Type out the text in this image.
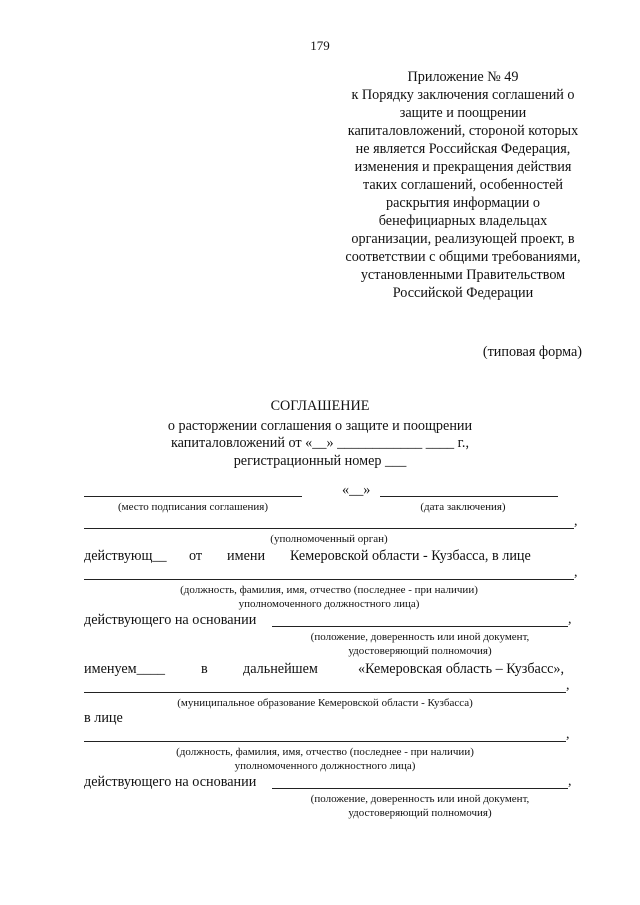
179
Приложение № 49
к Порядку заключения соглашений о
защите и поощрении
капиталовложений, стороной которых
не является Российская Федерация,
изменения и прекращения действия
таких соглашений, особенностей
раскрытия информации о
бенефициарных владельцах
организации, реализующей проект, в
соответствии с общими требованиями,
установленными Правительством
Российской Федерации
(типовая форма)
СОГЛАШЕНИЕ
о расторжении соглашения о защите и поощрении
капиталовложений от «__» ____________ ____ г.,
регистрационный номер ___
«__»
(место подписания соглашения)	(дата заключения)
,
(уполномоченный орган)
действующ__ от имени Кемеровской области - Кузбасса, в лице
,
(должность, фамилия, имя, отчество (последнее - при наличии)
уполномоченного должностного лица)
действующего на основании	,
(положение, доверенность или иной документ,
удостоверяющий полномочия)
именуем____	в дальнейшем	«Кемеровская область – Кузбасс»,
,
(муниципальное образование Кемеровской области - Кузбасса)
в лице
,
(должность, фамилия, имя, отчество (последнее - при наличии)
уполномоченного должностного лица)
действующего на основании	,
(положение, доверенность или иной документ,
удостоверяющий полномочия)
